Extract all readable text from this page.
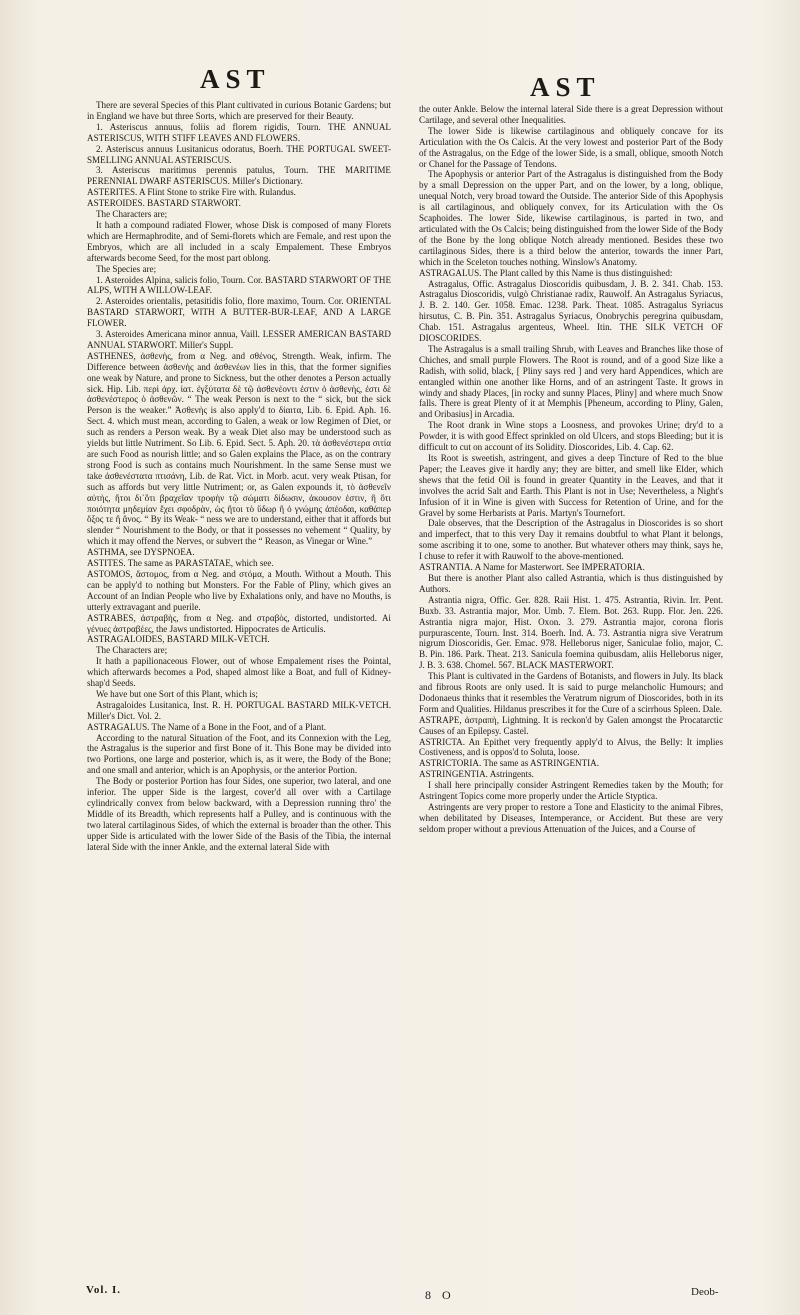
AST	AST

There are several Species of this Plant cultivated in curious Botanic Gardens; but in England we have but three Sorts, which are preserved for their Beauty.

1. Asteriscus annuus, foliis ad florem rigidis, Tourn. THE ANNUAL ASTERISCUS, WITH STIFF LEAVES AND FLOWERS.

2. Asteriscus annuus Lusitanicus odoratus, Boerh. THE PORTUGAL SWEET-SMELLING ANNUAL ASTERISCUS.

3. Asteriscus maritimus perennis patulus, Tourn. THE MARITIME PERENNIAL DWARF ASTERISCUS. Miller's Dictionary.

ASTERITES. A Flint Stone to strike Fire with. Rulandus.

ASTEROIDES. BASTARD STARWORT.

The Characters are;

It hath a compound radiated Flower, whose Disk is composed of many Florets which are Hermaphrodite, and of Semi-florets which are Female, and rest upon the Embryos, which are all included in a scaly Empalement. These Embryos afterwards become Seed, for the most part oblong.

The Species are;

1. Asteroides Alpina, salicis folio, Tourn. Cor. BASTARD STARWORT OF THE ALPS, WITH A WILLOW-LEAF.

2. Asteroides orientalis, petasitidis folio, flore maximo, Tourn. Cor. ORIENTAL BASTARD STARWORT, WITH A BUTTER-BUR-LEAF, AND A LARGE FLOWER.

3. Asteroides Americana minor annua, Vaill. LESSER AMERICAN BASTARD ANNUAL STARWORT. Miller's Suppl.

ASTHENES, ἀσθενὴς, from α Neg. and σθένος, Strength. Weak, infirm. The Difference between ἀσθενὴς and ἀσθενέων lies in this, that the former signifies one weak by Nature, and prone to Sickness, but the other denotes a Person actually sick. Hip. Lib. περὶ ἀρχ. ἰατ. ἐγξύτατα δὲ τῷ ἀσθενέοντι ἐστιν ὁ ἀσθενὴς, ἐστι δὲ ἀσθενέστερος ὁ ἀσθενῶν. “ The weak Person is next to the “ sick, but the sick Person is the weaker.” Ἀσθενὴς is also apply'd to δίαιτα, Lib. 6. Epid. Aph. 16. Sect. 4. which must mean, according to Galen, a weak or low Regimen of Diet, or such as renders a Person weak. By a weak Diet also may be understood such as yields but little Nutriment. So Lib. 6. Epid. Sect. 5. Aph. 20. τὰ ἀσθενέστερα σιτία are such Food as nourish little; and so Galen explains the Place, as on the contrary strong Food is such as contains much Nourishment. In the same Sense must we take ἀσθενέστατα πτισάνη, Lib. de Rat. Vict. in Morb. acut. very weak Ptisan, for such as affords but very little Nutriment; or, as Galen expounds it, τὸ ἀσθενεῖν αὐτὴς, ἤτοι δι᾽ὅτι βραχεῖαν τροφὴν τῷ σώματι δίδωσιν, ἀκουσον ἐστιν, ἢ ὅτι ποιότητα μηδεμίαν ἔχει σφοδρὰν, ὡς ἤτοι τὸ ὕδωρ ἢ ὁ γνώμης ἀπέοδαι, καθάπερ ὄξος τε ἢ ἄνος. “ By its Weak- “ ness we are to understand, either that it affords but slender “ Nourishment to the Body, or that it possesses no vehement “ Quality, by which it may offend the Nerves, or subvert the “ Reason, as Vinegar or Wine.”

ASTHMA, see DYSPNOEA.

ASTITES. The same as PARASTATAE, which see.

ASTOMOS, ἄστομος, from α Neg. and στόμα, a Mouth. Without a Mouth. This can be apply'd to nothing but Monsters. For the Fable of Pliny, which gives an Account of an Indian People who live by Exhalations only, and have no Mouths, is utterly extravagant and puerile.

ASTRABES, ἀστραβὴς, from α Neg. and στραβὸς, distorted, undistorted. Αἱ γένυες ἀστραβέες, the Jaws undistorted. Hippocrates de Articulis.

ASTRAGALOIDES, BASTARD MILK-VETCH.

The Characters are;

It hath a papilionaceous Flower, out of whose Empalement rises the Pointal, which afterwards becomes a Pod, shaped almost like a Boat, and full of Kidney-shap'd Seeds.

We have but one Sort of this Plant, which is;

Astragaloides Lusitanica, Inst. R. H. PORTUGAL BASTARD MILK-VETCH. Miller's Dict. Vol. 2.

ASTRAGALUS. The Name of a Bone in the Foot, and of a Plant.

According to the natural Situation of the Foot, and its Connexion with the Leg, the Astragalus is the superior and first Bone of it. This Bone may be divided into two Portions, one large and posterior, which is, as it were, the Body of the Bone; and one small and anterior, which is an Apophysis, or the anterior Portion.

The Body or posterior Portion has four Sides, one superior, two lateral, and one inferior. The upper Side is the largest, cover'd all over with a Cartilage cylindrically convex from below backward, with a Depression running thro' the Middle of its Breadth, which represents half a Pulley, and is continuous with the two lateral cartilaginous Sides, of which the external is broader than the other. This upper Side is articulated with the lower Side of the Basis of the Tibia, the internal lateral Side with the inner Ankle, and the external lateral Side with

the outer Ankle. Below the internal lateral Side there is a great Depression without Cartilage, and several other Inequalities.

The lower Side is likewise cartilaginous and obliquely concave for its Articulation with the Os Calcis. At the very lowest and posterior Part of the Body of the Astragalus, on the Edge of the lower Side, is a small, oblique, smooth Notch or Chanel for the Passage of Tendons.

The Apophysis or anterior Part of the Astragalus is distinguished from the Body by a small Depression on the upper Part, and on the lower, by a long, oblique, unequal Notch, very broad toward the Outside. The anterior Side of this Apophysis is all cartilaginous, and obliquely convex, for its Articulation with the Os Scaphoides. The lower Side, likewise cartilaginous, is parted in two, and articulated with the Os Calcis; being distinguished from the lower Side of the Body of the Bone by the long oblique Notch already mentioned. Besides these two cartilaginous Sides, there is a third below the anterior, towards the inner Part, which in the Sceleton touches nothing. Winslow's Anatomy.

ASTRAGALUS. The Plant called by this Name is thus distinguished:

Astragalus, Offic. Astragalus Dioscoridis quibusdam, J. B. 2. 341. Chab. 153. Astragalus Dioscoridis, vulgò Christianae radix, Rauwolf. An Astragalus Syriacus, J. B. 2. 140. Ger. 1058. Emac. 1238. Park. Theat. 1085. Astragalus Syriacus hirsutus, C. B. Pin. 351. Astragalus Syriacus, Onobrychis peregrina quibusdam, Chab. 151. Astragalus argenteus, Wheel. Itin. THE SILK VETCH OF DIOSCORIDES.

The Astragalus is a small trailing Shrub, with Leaves and Branches like those of Chiches, and small purple Flowers. The Root is round, and of a good Size like a Radish, with solid, black, [ Pliny says red ] and very hard Appendices, which are entangled within one another like Horns, and of an astringent Taste. It grows in windy and shady Places, [in rocky and sunny Places, Pliny] and where much Snow falls. There is great Plenty of it at Memphis [Pheneum, according to Pliny, Galen, and Oribasius] in Arcadia.

The Root drank in Wine stops a Loosness, and provokes Urine; dry'd to a Powder, it is with good Effect sprinkled on old Ulcers, and stops Bleeding; but it is difficult to cut on account of its Solidity. Dioscorides, Lib. 4. Cap. 62.

Its Root is sweetish, astringent, and gives a deep Tincture of Red to the blue Paper; the Leaves give it hardly any; they are bitter, and smell like Elder, which shews that the fetid Oil is found in greater Quantity in the Leaves, and that it involves the acrid Salt and Earth. This Plant is not in Use; Nevertheless, a Night's Infusion of it in Wine is given with Success for Retention of Urine, and for the Gravel by some Herbarists at Paris. Martyn's Tournefort.

Dale observes, that the Description of the Astragalus in Dioscorides is so short and imperfect, that to this very Day it remains doubtful to what Plant it belongs, some ascribing it to one, some to another. But whatever others may think, says he, I chuse to refer it with Rauwolf to the above-mentioned.

ASTRANTIA. A Name for Masterwort. See IMPERATORIA.

But there is another Plant also called Astrantia, which is thus distinguished by Authors.

Astrantia nigra, Offic. Ger. 828. Raii Hist. 1. 475. Astrantia, Rivin. Irr. Pent. Buxb. 33. Astrantia major, Mor. Umb. 7. Elem. Bot. 263. Rupp. Flor. Jen. 226. Astrantia nigra major, Hist. Oxon. 3. 279. Astrantia major, corona floris purpurascente, Tourn. Inst. 314. Boerh. Ind. A. 73. Astrantia nigra sive Veratrum nigrum Dioscoridis, Ger. Emac. 978. Helleborus niger, Saniculae folio, major, C. B. Pin. 186. Park. Theat. 213. Sanicula foemina quibusdam, aliis Helleborus niger, J. B. 3. 638. Chomel. 567. BLACK MASTERWORT.

This Plant is cultivated in the Gardens of Botanists, and flowers in July. Its black and fibrous Roots are only used. It is said to purge melancholic Humours; and Dodonaeus thinks that it resembles the Veratrum nigrum of Dioscorides, both in its Form and Qualities. Hildanus prescribes it for the Cure of a scirrhous Spleen. Dale.

ASTRAPE, ἀστραπὴ, Lightning. It is reckon'd by Galen amongst the Procatarctic Causes of an Epilepsy. Castel.

ASTRICTA. An Epithet very frequently apply'd to Alvus, the Belly: It implies Costiveness, and is oppos'd to Soluta, loose.

ASTRICTORIA. The same as ASTRINGENTIA.

ASTRINGENTIA. Astringents.

I shall here principally consider Astringent Remedies taken by the Mouth; for Astringent Topics come more properly under the Article Styptica.

Astringents are very proper to restore a Tone and Elasticity to the animal Fibres, when debilitated by Diseases, Intemperance, or Accident. But these are very seldom proper without a previous Attenuation of the Juices, and a Course of

Vol. I.	8 O	Deob-
